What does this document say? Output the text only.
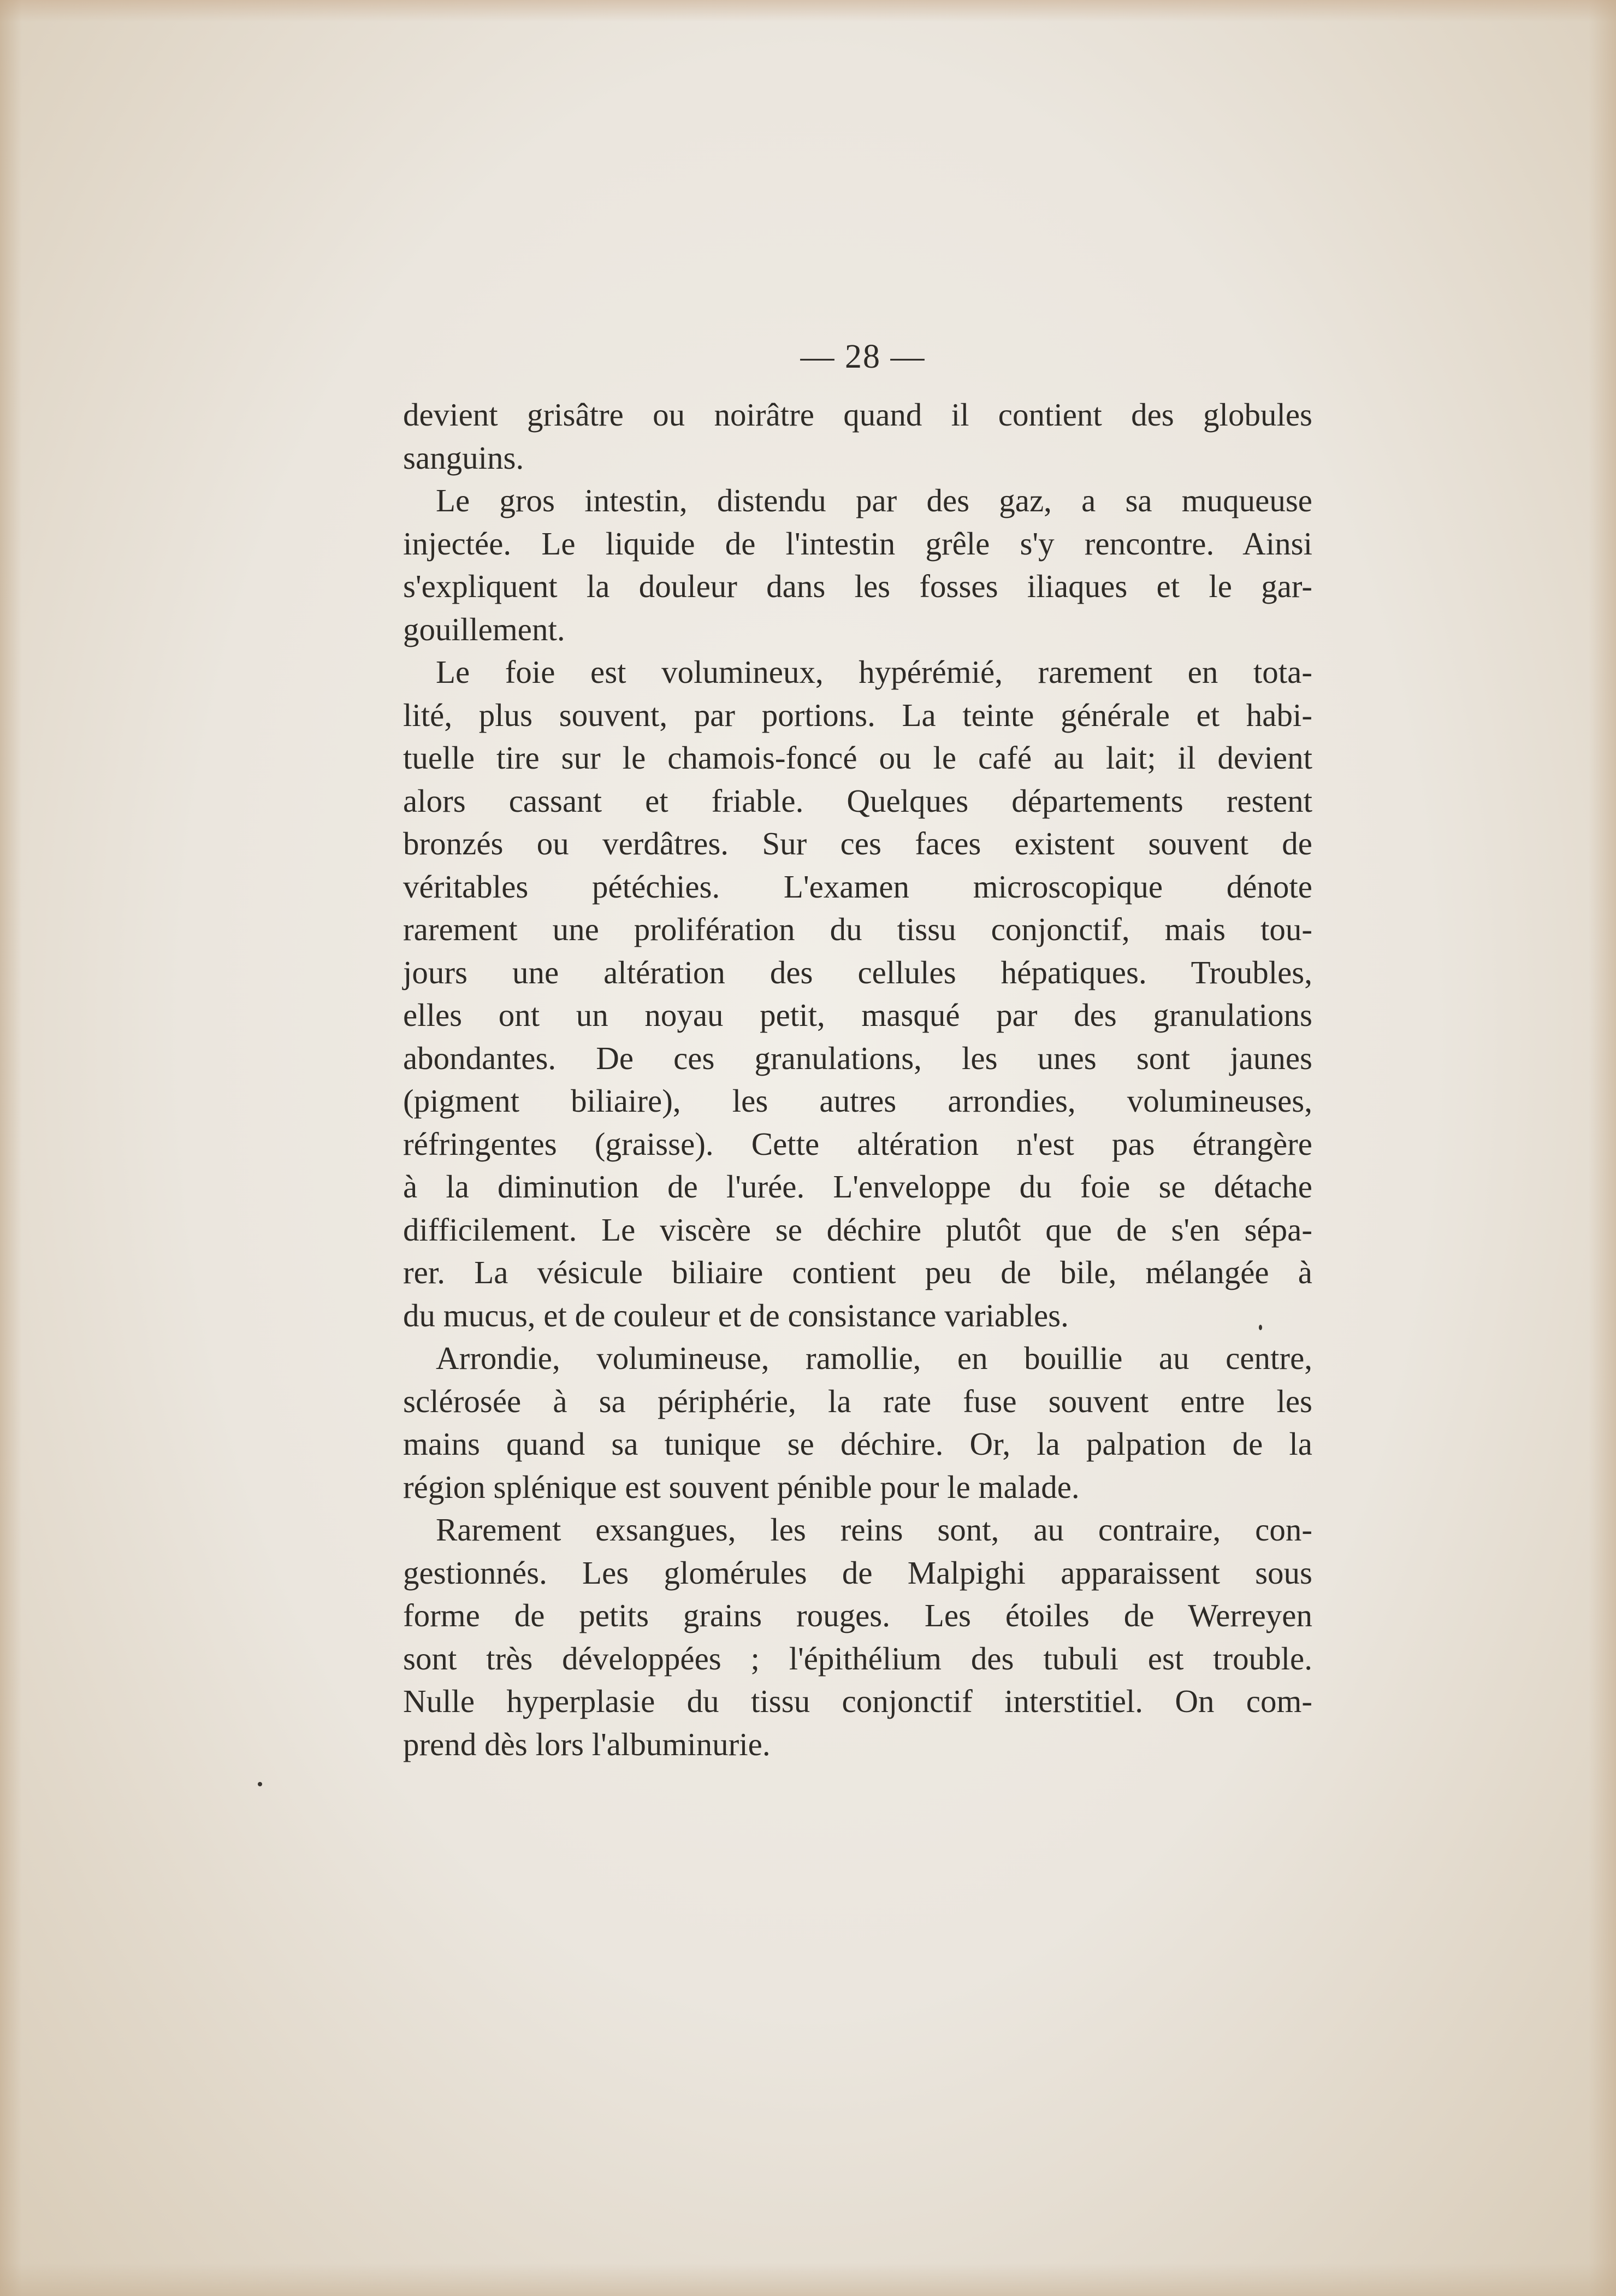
— 28 —
devient grisâtre ou noirâtre quand il contient des globules
sanguins.
Le gros intestin, distendu par des gaz, a sa muqueuse
injectée. Le liquide de l'intestin grêle s'y rencontre. Ainsi
s'expliquent la douleur dans les fosses iliaques et le gar-
gouillement.
Le foie est volumineux, hypérémié, rarement en tota-
lité, plus souvent, par portions. La teinte générale et habi-
tuelle tire sur le chamois-foncé ou le café au lait; il devient
alors cassant et friable. Quelques départements restent
bronzés ou verdâtres. Sur ces faces existent souvent de
véritables pétéchies. L'examen microscopique dénote
rarement une prolifération du tissu conjonctif, mais tou-
jours une altération des cellules hépatiques. Troubles,
elles ont un noyau petit, masqué par des granulations
abondantes. De ces granulations, les unes sont jaunes
(pigment biliaire), les autres arrondies, volumineuses,
réfringentes (graisse). Cette altération n'est pas étrangère
à la diminution de l'urée. L'enveloppe du foie se détache
difficilement. Le viscère se déchire plutôt que de s'en sépa-
rer. La vésicule biliaire contient peu de bile, mélangée à
du mucus, et de couleur et de consistance variables.
Arrondie, volumineuse, ramollie, en bouillie au centre,
sclérosée à sa périphérie, la rate fuse souvent entre les
mains quand sa tunique se déchire. Or, la palpation de la
région splénique est souvent pénible pour le malade.
Rarement exsangues, les reins sont, au contraire, con-
gestionnés. Les glomérules de Malpighi apparaissent sous
forme de petits grains rouges. Les étoiles de Werreyen
sont très développées ; l'épithélium des tubuli est trouble.
Nulle hyperplasie du tissu conjonctif interstitiel. On com-
prend dès lors l'albuminurie.
